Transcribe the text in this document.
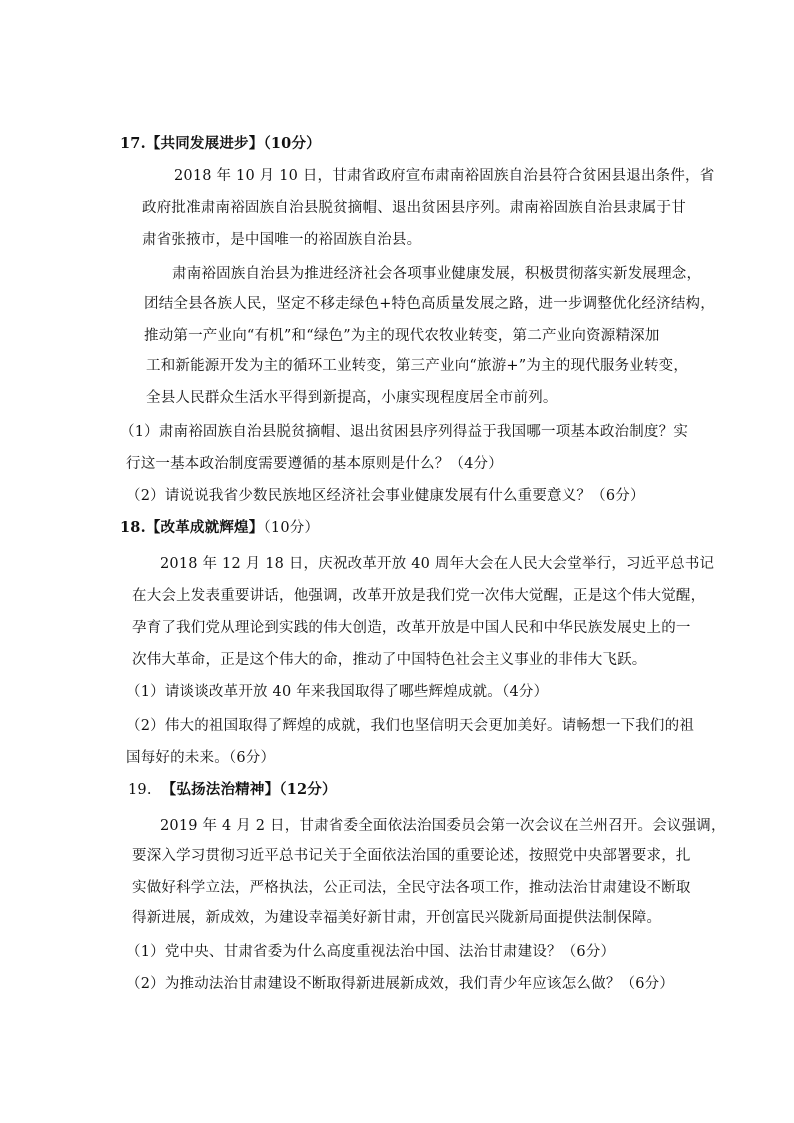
17.【共同发展进步】（10分）
2018 年 10 月 10 日，甘肃省政府宣布肃南裕固族自治县符合贫困县退出条件，省
政府批准肃南裕固族自治县脱贫摘帽、退出贫困县序列。肃南裕固族自治县隶属于甘
肃省张掖市，是中国唯一的裕固族自治县。
肃南裕固族自治县为推进经济社会各项事业健康发展，积极贯彻落实新发展理念，
团结全县各族人民，坚定不移走绿色+特色高质量发展之路，进一步调整优化经济结构，
推动第一产业向“有机”和“绿色”为主的现代农牧业转变，第二产业向资源精深加
工和新能源开发为主的循环工业转变，第三产业向“旅游+”为主的现代服务业转变，
全县人民群众生活水平得到新提高，小康实现程度居全市前列。
（1）肃南裕固族自治县脱贫摘帽、退出贫困县序列得益于我国哪一项基本政治制度？实
行这一基本政治制度需要遵循的基本原则是什么？（4分）
（2）请说说我省少数民族地区经济社会事业健康发展有什么重要意义？（6分）
18.【改革成就辉煌】（10分）
2018 年 12 月 18 日，庆祝改革开放 40 周年大会在人民大会堂举行，习近平总书记
在大会上发表重要讲话，他强调，改革开放是我们党一次伟大觉醒，正是这个伟大觉醒，
孕育了我们党从理论到实践的伟大创造，改革开放是中国人民和中华民族发展史上的一
次伟大革命，正是这个伟大的命，推动了中国特色社会主义事业的非伟大飞跃。
（1）请谈谈改革开放 40 年来我国取得了哪些辉煌成就。（4分）
（2）伟大的祖国取得了辉煌的成就，我们也坚信明天会更加美好。请畅想一下我们的祖
国每好的未来。（6分）
19. 【弘扬法治精神】（12分）
2019 年 4 月 2 日，甘肃省委全面依法治国委员会第一次会议在兰州召开。会议强调，
要深入学习贯彻习近平总书记关于全面依法治国的重要论述，按照党中央部署要求，扎
实做好科学立法，严格执法，公正司法，全民守法各项工作，推动法治甘肃建设不断取
得新进展，新成效，为建设幸福美好新甘肃，开创富民兴陇新局面提供法制保障。
（1）党中央、甘肃省委为什么高度重视法治中国、法治甘肃建设？（6分）
（2）为推动法治甘肃建设不断取得新进展新成效，我们青少年应该怎么做？（6分）
